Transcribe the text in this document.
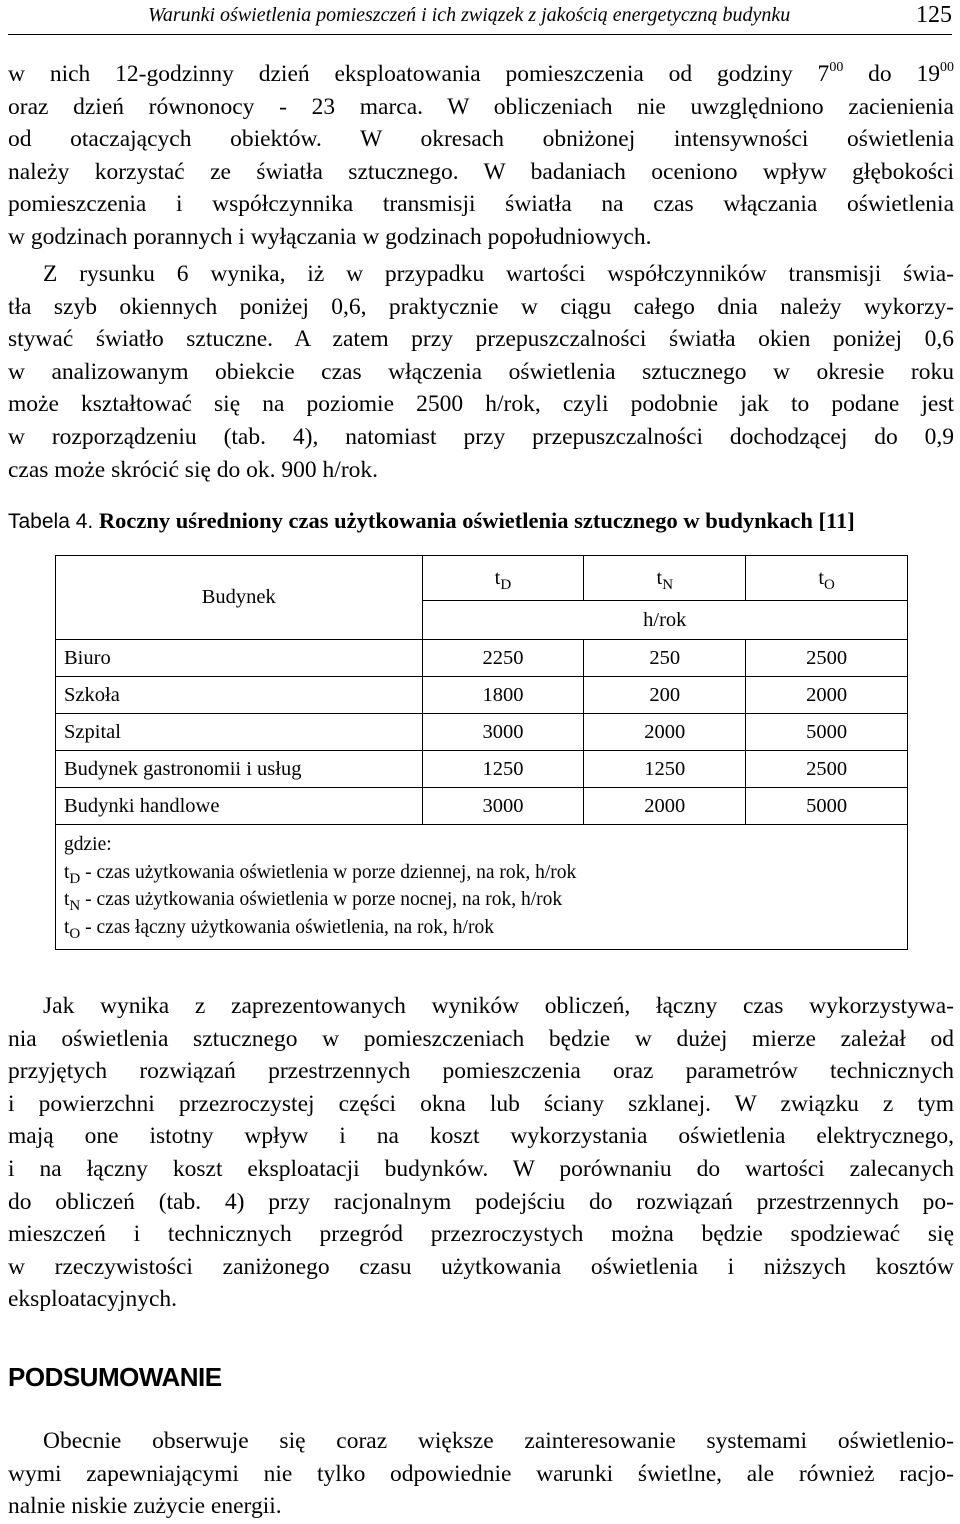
Warunki oświetlenia pomieszczeń i ich związek z jakością energetyczną budynku	125
w nich 12-godzinny dzień eksploatowania pomieszczenia od godziny $7^{00}$ do $19^{00}$
oraz dzień równonocy - 23 marca. W obliczeniach nie uwzględniono zacienienia
od otaczających obiektów. W okresach obniżonej intensywności oświetlenia
należy korzystać ze światła sztucznego. W badaniach oceniono wpływ głębokości
pomieszczenia i współczynnika transmisji światła na czas włączania oświetlenia
w godzinach porannych i wyłączania w godzinach popołudniowych.
Z rysunku 6 wynika, iż w przypadku wartości współczynników transmisji świa-
tła szyb okiennych poniżej 0,6, praktycznie w ciągu całego dnia należy wykorzy-
stywać światło sztuczne. A zatem przy przepuszczalności światła okien poniżej 0,6
w analizowanym obiekcie czas włączenia oświetlenia sztucznego w okresie roku
może kształtować się na poziomie 2500 h/rok, czyli podobnie jak to podane jest
w rozporządzeniu (tab. 4), natomiast przy przepuszczalności dochodzącej do 0,9
czas może skrócić się do ok. 900 h/rok.
Tabela 4. Roczny uśredniony czas użytkowania oświetlenia sztucznego w budynkach [11]
Budynek	$t_D$	$t_N$	$t_O$
	h/rok		
Biuro	2250	250	2500
Szkoła	1800	200	2000
Szpital	3000	2000	5000
Budynek gastronomii i usług	1250	1250	2500
Budynki handlowe	3000	2000	5000

gdzie:
$t_D$ - czas użytkowania oświetlenia w porze dziennej, na rok, h/rok
$t_N$ - czas użytkowania oświetlenia w porze nocnej, na rok, h/rok
$t_O$ - czas łączny użytkowania oświetlenia, na rok, h/rok			
Jak wynika z zaprezentowanych wyników obliczeń, łączny czas wykorzystywa-
nia oświetlenia sztucznego w pomieszczeniach będzie w dużej mierze zależał od
przyjętych rozwiązań przestrzennych pomieszczenia oraz parametrów technicznych
i powierzchni przezroczystej części okna lub ściany szklanej. W związku z tym
mają one istotny wpływ i na koszt wykorzystania oświetlenia elektrycznego,
i na łączny koszt eksploatacji budynków. W porównaniu do wartości zalecanych
do obliczeń (tab. 4) przy racjonalnym podejściu do rozwiązań przestrzennych po-
mieszczeń i technicznych przegród przezroczystych można będzie spodziewać się
w rzeczywistości zaniżonego czasu użytkowania oświetlenia i niższych kosztów
eksploatacyjnych.
PODSUMOWANIE
Obecnie obserwuje się coraz większe zainteresowanie systemami oświetlenio-
wymi zapewniającymi nie tylko odpowiednie warunki świetlne, ale również racjo-
nalnie niskie zużycie energii.
